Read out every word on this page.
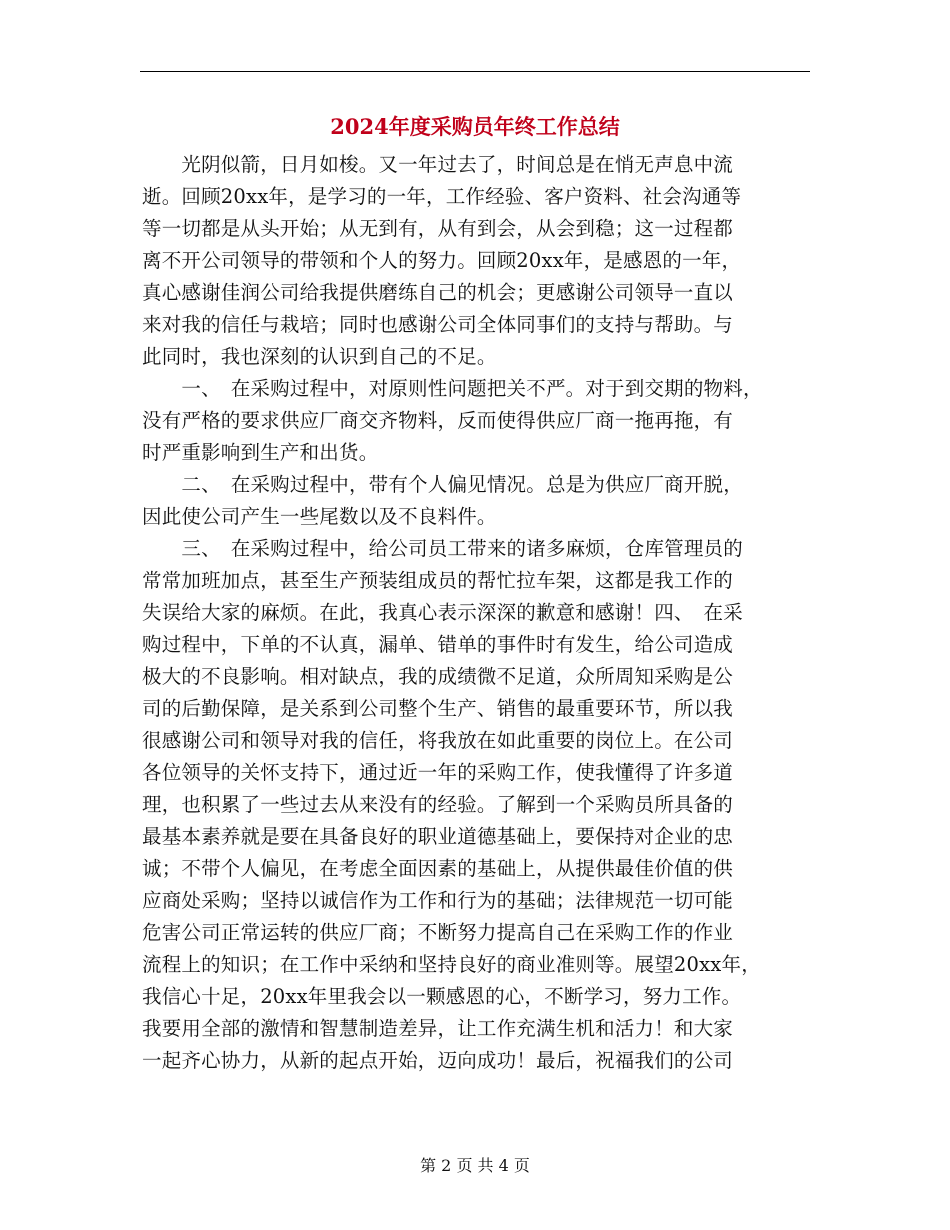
2024年度采购员年终工作总结
　　光阴似箭，日月如梭。又一年过去了，时间总是在悄无声息中流
逝。回顾20xx年，是学习的一年，工作经验、客户资料、社会沟通等
等一切都是从头开始；从无到有，从有到会，从会到稳；这一过程都
离不开公司领导的带领和个人的努力。回顾20xx年，是感恩的一年，
真心感谢佳润公司给我提供磨练自己的机会；更感谢公司领导一直以
来对我的信任与栽培；同时也感谢公司全体同事们的支持与帮助。与
此同时，我也深刻的认识到自己的不足。
　　一、　在采购过程中，对原则性问题把关不严。对于到交期的物料，
没有严格的要求供应厂商交齐物料，反而使得供应厂商一拖再拖，有
时严重影响到生产和出货。
　　二、　在采购过程中，带有个人偏见情况。总是为供应厂商开脱，
因此使公司产生一些尾数以及不良料件。
　　三、　在采购过程中，给公司员工带来的诸多麻烦，仓库管理员的
常常加班加点，甚至生产预装组成员的帮忙拉车架，这都是我工作的
失误给大家的麻烦。在此，我真心表示深深的歉意和感谢！四、　在采
购过程中，下单的不认真，漏单、错单的事件时有发生，给公司造成
极大的不良影响。相对缺点，我的成绩微不足道，众所周知采购是公
司的后勤保障，是关系到公司整个生产、销售的最重要环节，所以我
很感谢公司和领导对我的信任，将我放在如此重要的岗位上。在公司
各位领导的关怀支持下，通过近一年的采购工作，使我懂得了许多道
理，也积累了一些过去从来没有的经验。了解到一个采购员所具备的
最基本素养就是要在具备良好的职业道德基础上，要保持对企业的忠
诚；不带个人偏见，在考虑全面因素的基础上，从提供最佳价值的供
应商处采购；坚持以诚信作为工作和行为的基础；法律规范一切可能
危害公司正常运转的供应厂商；不断努力提高自己在采购工作的作业
流程上的知识；在工作中采纳和坚持良好的商业准则等。展望20xx年，
我信心十足，20xx年里我会以一颗感恩的心，不断学习，努力工作。
我要用全部的激情和智慧制造差异，让工作充满生机和活力！和大家
一起齐心协力，从新的起点开始，迈向成功！最后，祝福我们的公司
第 2 页 共 4 页
